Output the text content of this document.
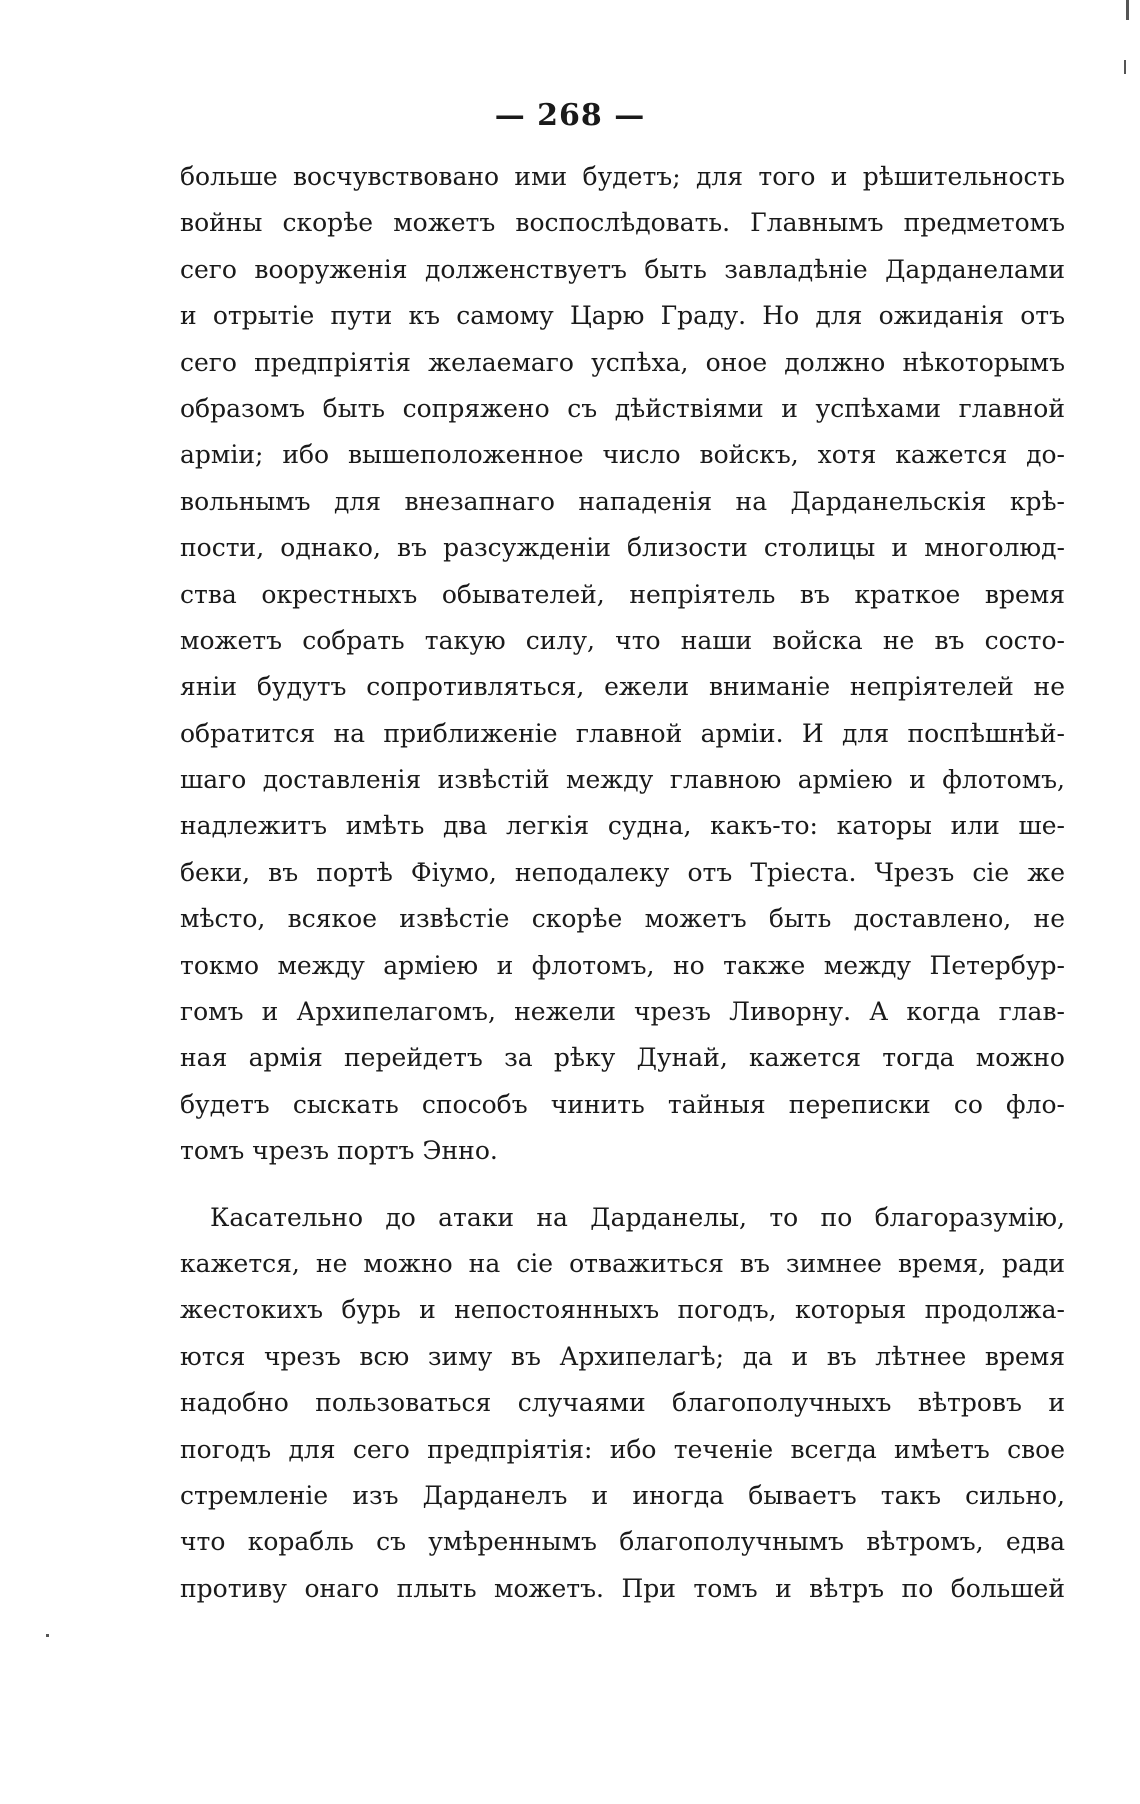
— 268 —
больше восчувствовано ими будетъ; для того и рѣшительность
войны скорѣе можетъ воспослѣдовать. Главнымъ предметомъ
сего вооруженія долженствуетъ быть завладѣніе Дарданелами
и отрытіе пути къ самому Царю Граду. Но для ожиданія отъ
сего предпріятія желаемаго успѣха, оное должно нѣкоторымъ
образомъ быть сопряжено съ дѣйствіями и успѣхами главной
арміи; ибо вышеположенное число войскъ, хотя кажется до-
вольнымъ для внезапнаго нападенія на Дарданельскія крѣ-
пости, однако, въ разсужденіи близости столицы и многолюд-
ства окрестныхъ обывателей, непріятель въ краткое время
можетъ собрать такую силу, что наши войска не въ состо-
яніи будутъ сопротивляться, ежели вниманіе непріятелей не
обратится на приближеніе главной арміи. И для поспѣшнѣй-
шаго доставленія извѣстій между главною арміею и флотомъ,
надлежитъ имѣть два легкія судна, какъ-то: каторы или ше-
беки, въ портѣ Фіумо, неподалеку отъ Тріеста. Чрезъ сіе же
мѣсто, всякое извѣстіе скорѣе можетъ быть доставлено, не
токмо между арміею и флотомъ, но также между Петербур-
гомъ и Архипелагомъ, нежели чрезъ Ливорну. А когда глав-
ная армія перейдетъ за рѣку Дунай, кажется тогда можно
будетъ сыскать способъ чинить тайныя переписки со фло-
томъ чрезъ портъ Энно.
Касательно до атаки на Дарданелы, то по благоразумію,
кажется, не можно на сіе отважиться въ зимнее время, ради
жестокихъ бурь и непостоянныхъ погодъ, которыя продолжа-
ются чрезъ всю зиму въ Архипелагѣ; да и въ лѣтнее время
надобно пользоваться случаями благополучныхъ вѣтровъ и
погодъ для сего предпріятія: ибо теченіе всегда имѣетъ свое
стремленіе изъ Дарданелъ и иногда бываетъ такъ сильно,
что корабль съ умѣреннымъ благополучнымъ вѣтромъ, едва
противу онаго плыть можетъ. При томъ и вѣтръ по большей
